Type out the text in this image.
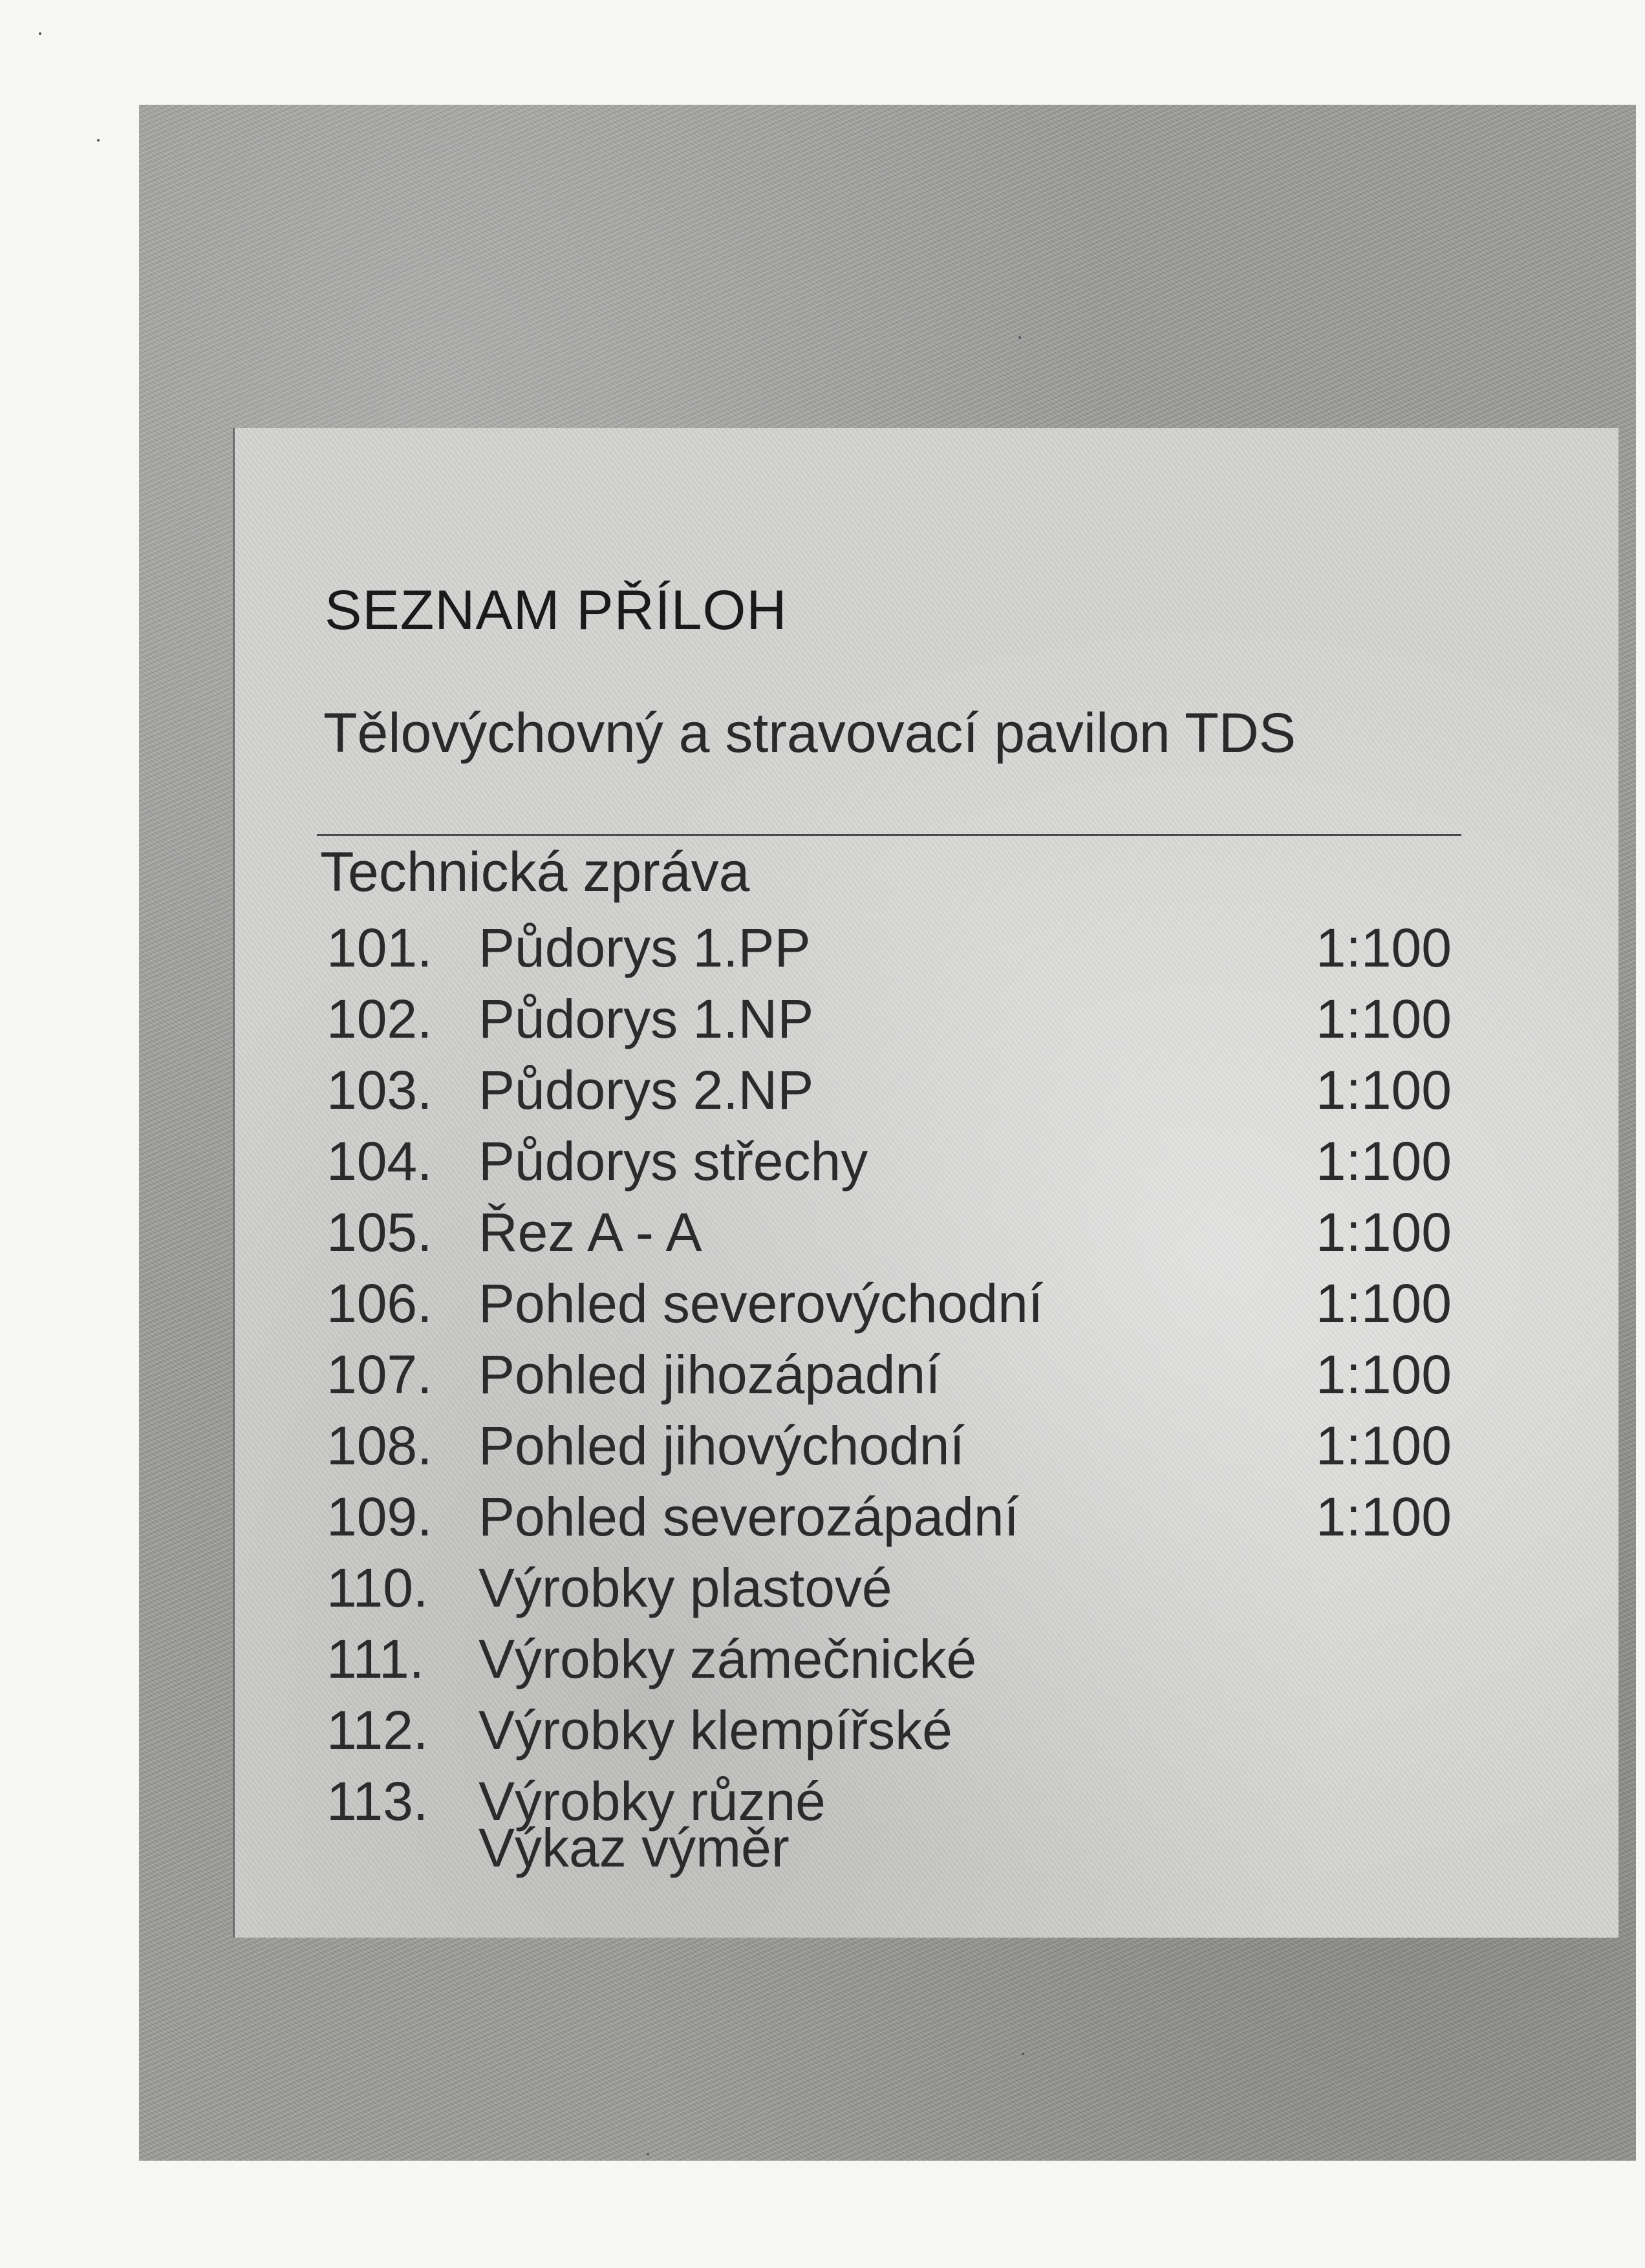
SEZNAM PŘÍLOH
Tělovýchovný a stravovací pavilon TDS
Technická zpráva
101. Půdorys 1.PP	1:100
102. Půdorys 1.NP	1:100
103. Půdorys 2.NP	1:100
104. Půdorys střechy	1:100
105. Řez A - A	1:100
106. Pohled severovýchodní	1:100
107. Pohled jihozápadní	1:100
108. Pohled jihovýchodní	1:100
109. Pohled severozápadní	1:100
110. Výrobky plastové
111. Výrobky zámečnické
112. Výrobky klempířské
113. Výrobky různé
Výkaz výměr
